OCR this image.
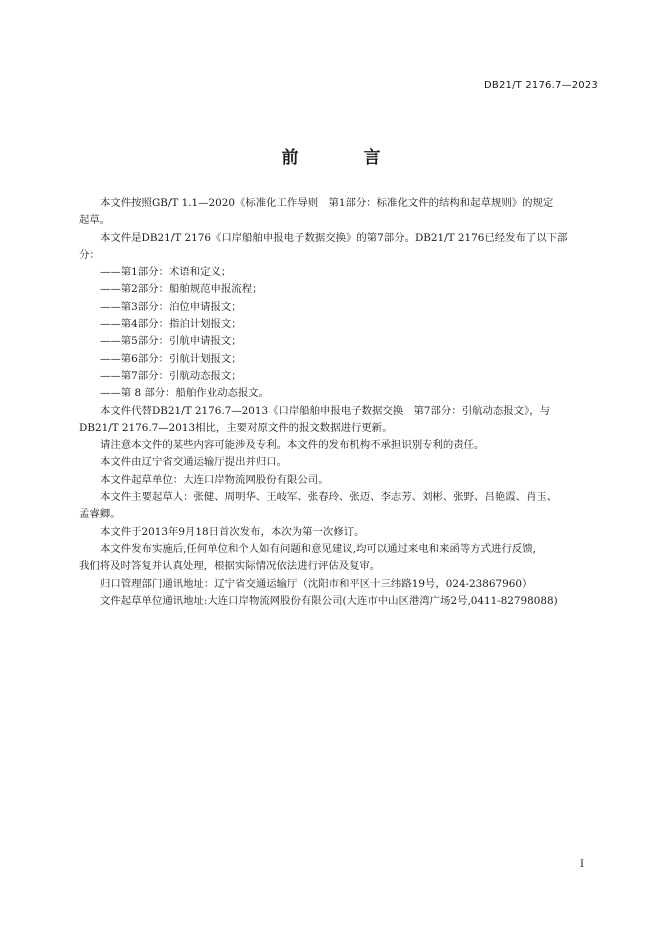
DB21/T 2176.7—2023
前　言

本文件按照GB/T 1.1—2020《标准化工作导则　第1部分：标准化文件的结构和起草规则》的规定

起草。

本文件是DB21/T 2176《口岸船舶申报电子数据交换》的第7部分。DB21/T 2176已经发布了以下部

分：

——第1部分：术语和定义；

——第2部分：船舶规范申报流程；

——第3部分：泊位申请报文；

——第4部分：指泊计划报文；

——第5部分：引航申请报文；

——第6部分：引航计划报文；

——第7部分：引航动态报文；

——第 8 部分：船舶作业动态报文。

本文件代替DB21/T 2176.7—2013《口岸船舶申报电子数据交换　第7部分：引航动态报文》，与

DB21/T 2176.7—2013相比，主要对原文件的报文数据进行更新。

请注意本文件的某些内容可能涉及专利。本文件的发布机构不承担识别专利的责任。

本文件由辽宁省交通运输厅提出并归口。

本文件起草单位：大连口岸物流网股份有限公司。

本文件主要起草人：张健、周明华、王岐军、张春玲、张迈、李志芳、刘彬、张野、吕艳霞、肖玉、

孟睿卿。

本文件于2013年9月18日首次发布，本次为第一次修订。

本文件发布实施后,任何单位和个人如有问题和意见建议,均可以通过来电和来函等方式进行反馈,

我们将及时答复并认真处理，根据实际情况依法进行评估及复审。

归口管理部门通讯地址：辽宁省交通运输厅（沈阳市和平区十三纬路19号，024-23867960）

文件起草单位通讯地址:大连口岸物流网股份有限公司(大连市中山区港湾广场2号,0411-82798088)

I
